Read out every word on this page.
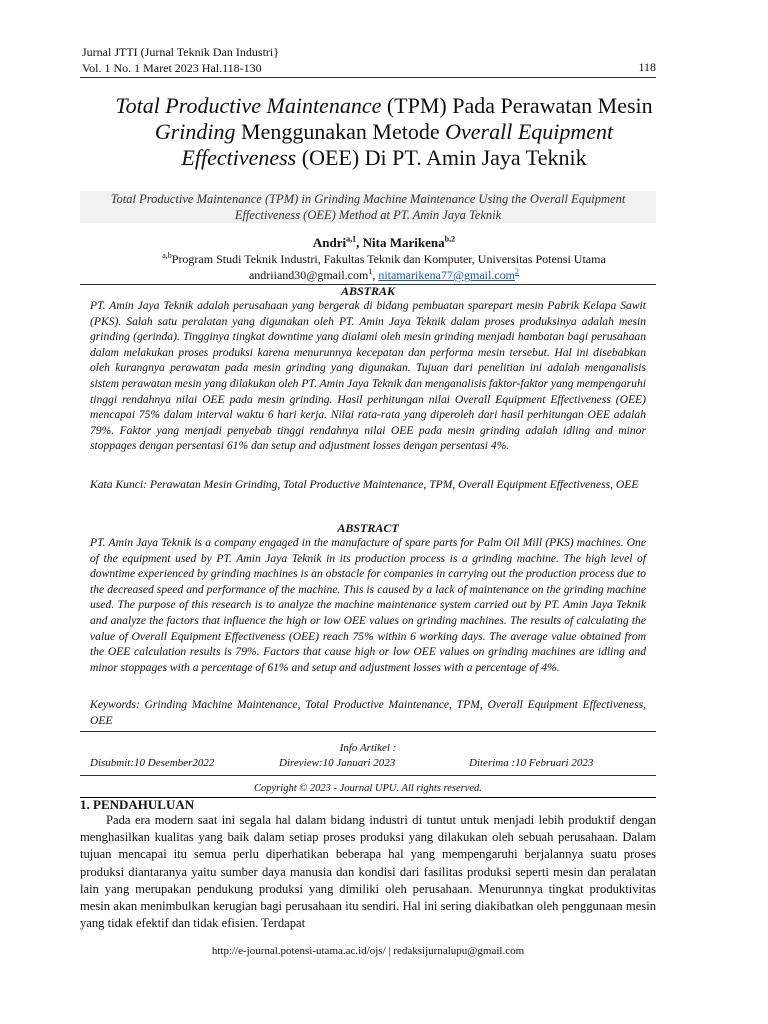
Jurnal JTTI (Jurnal Teknik Dan Industri}
Vol. 1 No. 1 Maret 2023 Hal.118-130	118
Total Productive Maintenance (TPM) Pada Perawatan Mesin
Grinding Menggunakan Metode Overall Equipment
Effectiveness (OEE) Di PT. Amin Jaya Teknik
Total Productive Maintenance (TPM) in Grinding Machine Maintenance Using the Overall Equipment Effectiveness (OEE) Method at PT. Amin Jaya Teknik
Andri$^{a,1}$, Nita Marikena$^{b,2}$
$^{a,b}$Program Studi Teknik Industri, Fakultas Teknik dan Komputer, Universitas Potensi Utama
andriiand30@gmail.com$^1$, nitamarikena77@gmail.com$^2$
ABSTRAK
PT. Amin Jaya Teknik adalah perusahaan yang bergerak di bidang pembuatan sparepart mesin Pabrik Kelapa Sawit (PKS). Salah satu peralatan yang digunakan oleh PT. Amin Jaya Teknik dalam proses produksinya adalah mesin grinding (gerinda). Tingginya tingkat downtime yang dialami oleh mesin grinding menjadi hambatan bagi perusahaan dalam melakukan proses produksi karena menurunnya kecepatan dan performa mesin tersebut. Hal ini disebabkan oleh kurangnya perawatan pada mesin grinding yang digunakan. Tujuan dari penelitian ini adalah menganalisis sistem perawatan mesin yang dilakukan oleh PT. Amin Jaya Teknik dan menganalisis faktor-faktor yang mempengaruhi tinggi rendahnya nilai OEE pada mesin grinding. Hasil perhitungan nilai Overall Equipment Effectiveness (OEE) mencapai 75% dalam interval waktu 6 hari kerja. Nilai rata-rata yang diperoleh dari hasil perhitungan OEE adalah 79%. Faktor yang menjadi penyebab tinggi rendahnya nilai OEE pada mesin grinding adalah idling and minor stoppages dengan persentasi 61% dan setup and adjustment losses dengan persentasi 4%.
Kata Kunci: Perawatan Mesin Grinding, Total Productive Maintenance, TPM, Overall Equipment Effectiveness, OEE
ABSTRACT
PT. Amin Jaya Teknik is a company engaged in the manufacture of spare parts for Palm Oil Mill (PKS) machines. One of the equipment used by PT. Amin Jaya Teknik in its production process is a grinding machine. The high level of downtime experienced by grinding machines is an obstacle for companies in carrying out the production process due to the decreased speed and performance of the machine. This is caused by a lack of maintenance on the grinding machine used. The purpose of this research is to analyze the machine maintenance system carried out by PT. Amin Jaya Teknik and analyze the factors that influence the high or low OEE values on grinding machines. The results of calculating the value of Overall Equipment Effectiveness (OEE) reach 75% within 6 working days. The average value obtained from the OEE calculation results is 79%. Factors that cause high or low OEE values on grinding machines are idling and minor stoppages with a percentage of 61% and setup and adjustment losses with a percentage of 4%.
Keywords: Grinding Machine Maintenance, Total Productive Maintenance, TPM, Overall Equipment Effectiveness, OEE
Info Artikel :
Disubmit:10 Desember2022	Direview:10 Januari 2023	Diterima :10 Februari 2023
Copyright © 2023 - Journal UPU. All rights reserved.
1. PENDAHULUAN
Pada era modern saat ini segala hal dalam bidang industri di tuntut untuk menjadi lebih produktif dengan menghasilkan kualitas yang baik dalam setiap proses produksi yang dilakukan oleh sebuah perusahaan. Dalam tujuan mencapai itu semua perlu diperhatikan beberapa hal yang mempengaruhi berjalannya suatu proses produksi diantaranya yaitu sumber daya manusia dan kondisi dari fasilitas produksi seperti mesin dan peralatan lain yang merupakan pendukung produksi yang dimiliki oleh perusahaan. Menurunnya tingkat produktivitas mesin akan menimbulkan kerugian bagi perusahaan itu sendiri. Hal ini sering diakibatkan oleh penggunaan mesin yang tidak efektif dan tidak efisien. Terdapat
http://e-journal.potensi-utama.ac.id/ojs/ | redaksijurnalupu@gmail.com
